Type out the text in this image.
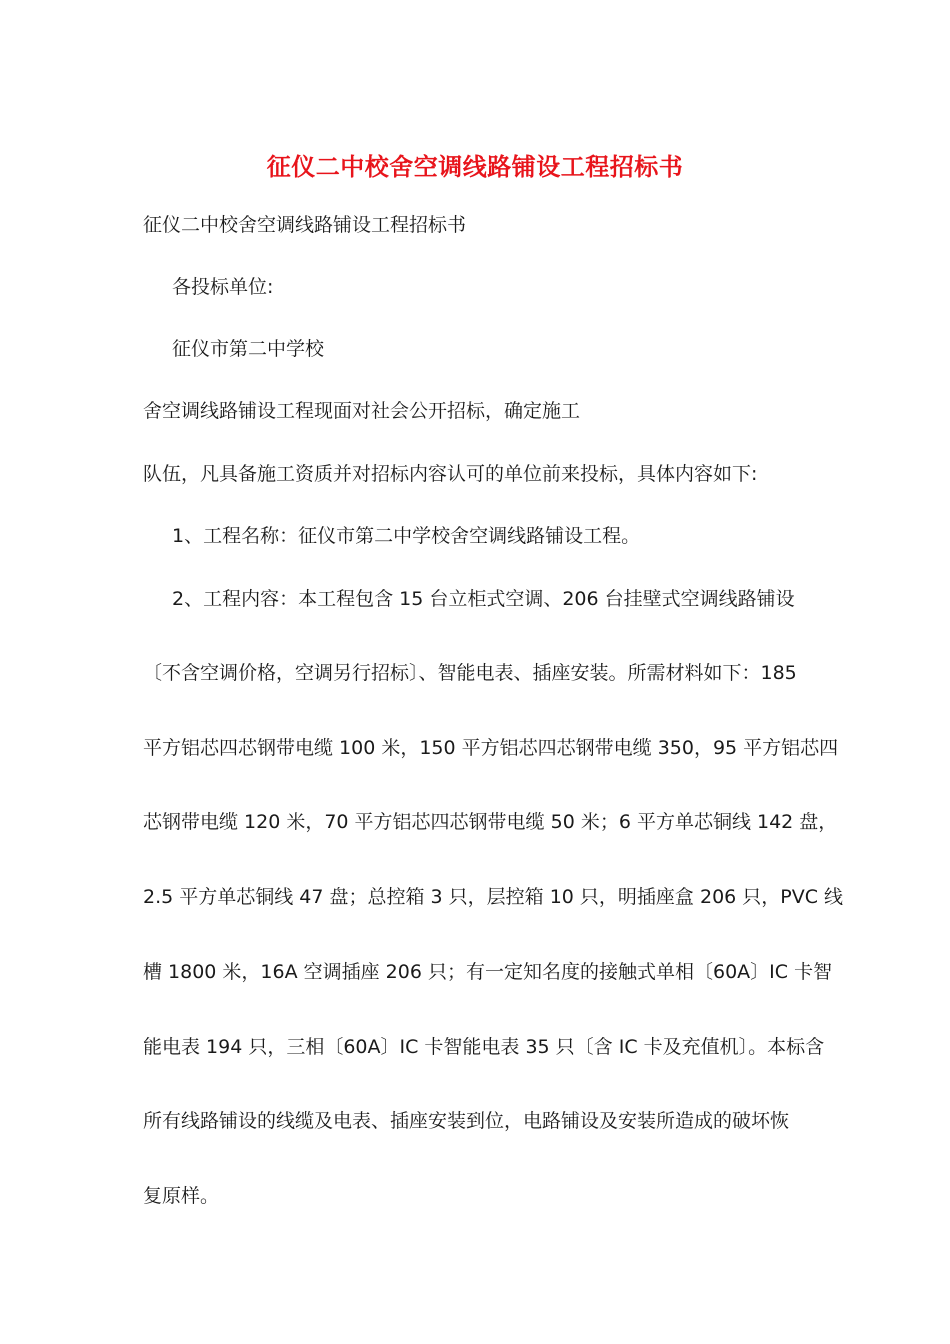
征仪二中校舍空调线路铺设工程招标书
征仪二中校舍空调线路铺设工程招标书
各投标单位:
征仪市第二中学校
舍空调线路铺设工程现面对社会公开招标，确定施工
队伍，凡具备施工资质并对招标内容认可的单位前来投标，具体内容如下:
1、工程名称：征仪市第二中学校舍空调线路铺设工程。
2、工程内容：本工程包含 15 台立柜式空调、206 台挂壁式空调线路铺设
〔不含空调价格，空调另行招标〕、智能电表、插座安装。所需材料如下：185
平方铝芯四芯钢带电缆 100 米，150 平方铝芯四芯钢带电缆 350，95 平方铝芯四
芯钢带电缆 120 米，70 平方铝芯四芯钢带电缆 50 米；6 平方单芯铜线 142 盘，
2.5 平方单芯铜线 47 盘；总控箱 3 只，层控箱 10 只，明插座盒 206 只，PVC 线
槽 1800 米，16A 空调插座 206 只；有一定知名度的接触式单相〔60A〕IC 卡智
能电表 194 只，三相〔60A〕IC 卡智能电表 35 只〔含 IC 卡及充值机〕。本标含
所有线路铺设的线缆及电表、插座安装到位，电路铺设及安装所造成的破坏恢
复原样。
